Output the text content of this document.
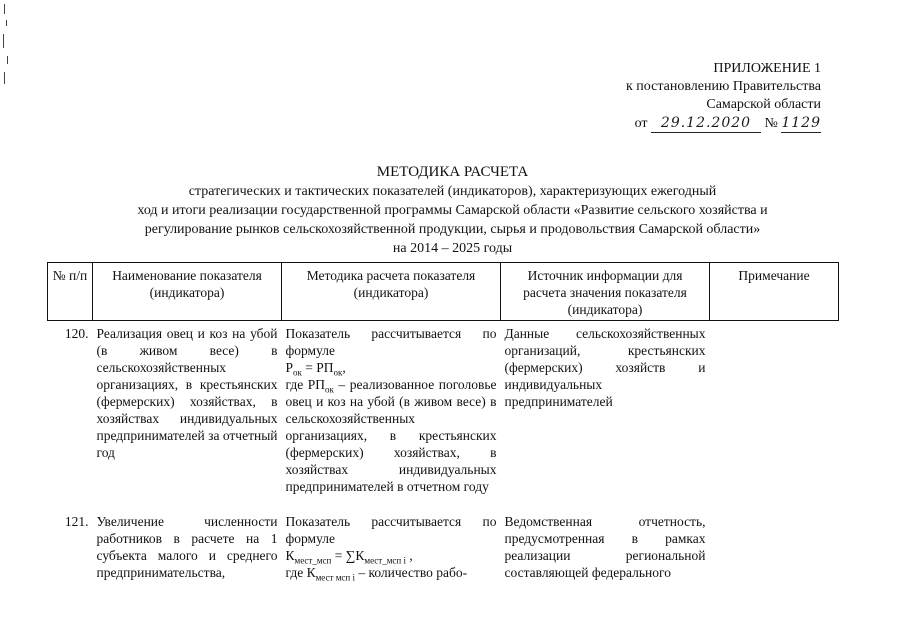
ПРИЛОЖЕНИЕ 1
к постановлению Правительства
Самарской области
от 29.12.2020 № 1129
МЕТОДИКА РАСЧЕТА
стратегических и тактических показателей (индикаторов), характеризующих ежегодный
ход и итоги реализации государственной программы Самарской области «Развитие сельского хозяйства и
регулирование рынков сельскохозяйственной продукции, сырья и продовольствия Самарской области»
на 2014 – 2025 годы
№ п/п	Наименование показателя (индикатора)	Методика расчета показателя (индикатора)	Источник информации для расчета значения показателя (индикатора)	Примечание
120.	Реализация овец и коз на убой (в живом весе) в сельскохозяйственных организациях, в крестьянских (фермерских) хозяйствах, в хозяйствах индивидуальных предпринимателей за отчетный год	Показатель рассчитывается по формуле
$Р_{ок} = РП_{ок}$,
где $РП_{ок}$ – реализованное поголовье овец и коз на убой (в живом весе) в сельскохозяйственных организациях, в крестьянских (фермерских) хозяйствах, в хозяйствах индивидуальных предпринимателей в отчетном году	Данные сельскохозяйственных организаций, крестьянских (фермерских) хозяйств и индивидуальных предпринимателей	
121.	Увеличение численности работников в расчете на 1 субъекта малого и среднего предпринимательства,	Показатель рассчитывается по формуле
$К_{мест\_мсп} = \sum К_{мест\_мсп i}$ ,
где $К_{мест мсп i}$ – количество рабо-	Ведомственная отчетность, предусмотренная в рамках реализации региональной составляющей федерального	
